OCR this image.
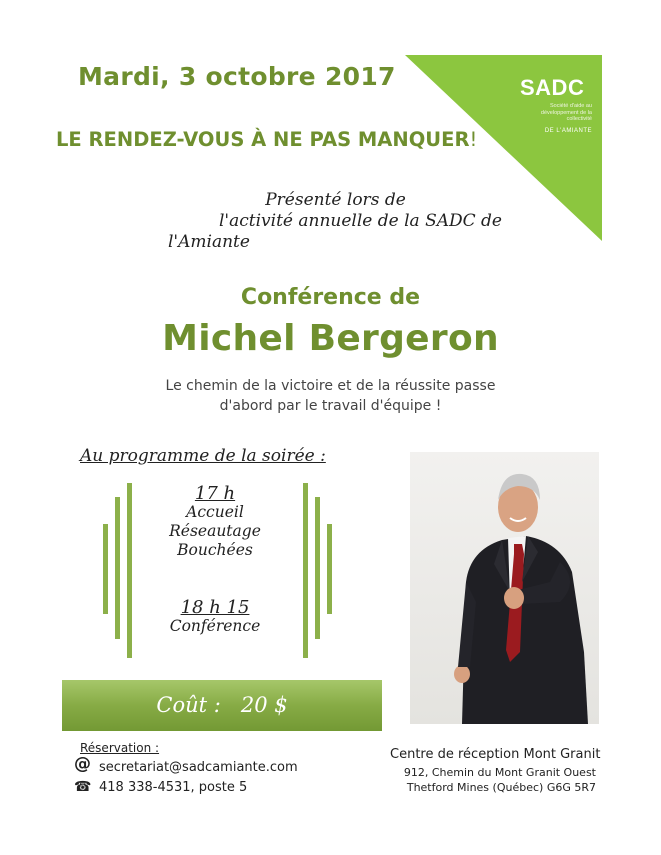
Mardi, 3 octobre 2017
LE RENDEZ-VOUS À NE PAS MANQUER!
SADC
Société d'aide au développement de la collectivité
DE L'AMIANTE
Présenté lors de
l'activité annuelle de la SADC de
l'Amiante
Conférence de
Michel Bergeron
Le chemin de la victoire et de la réussite passe
d'abord par le travail d'équipe !
Au programme de la soirée :
17 h
Accueil
Réseautage
Bouchées
18 h 15
Conférence
Coût :   20 $
Réservation :
@ secretariat@sadcamiante.com
☎ 418 338-4531, poste 5
Centre de réception Mont Granit
912, Chemin du Mont Granit Ouest
Thetford Mines (Québec) G6G 5R7
